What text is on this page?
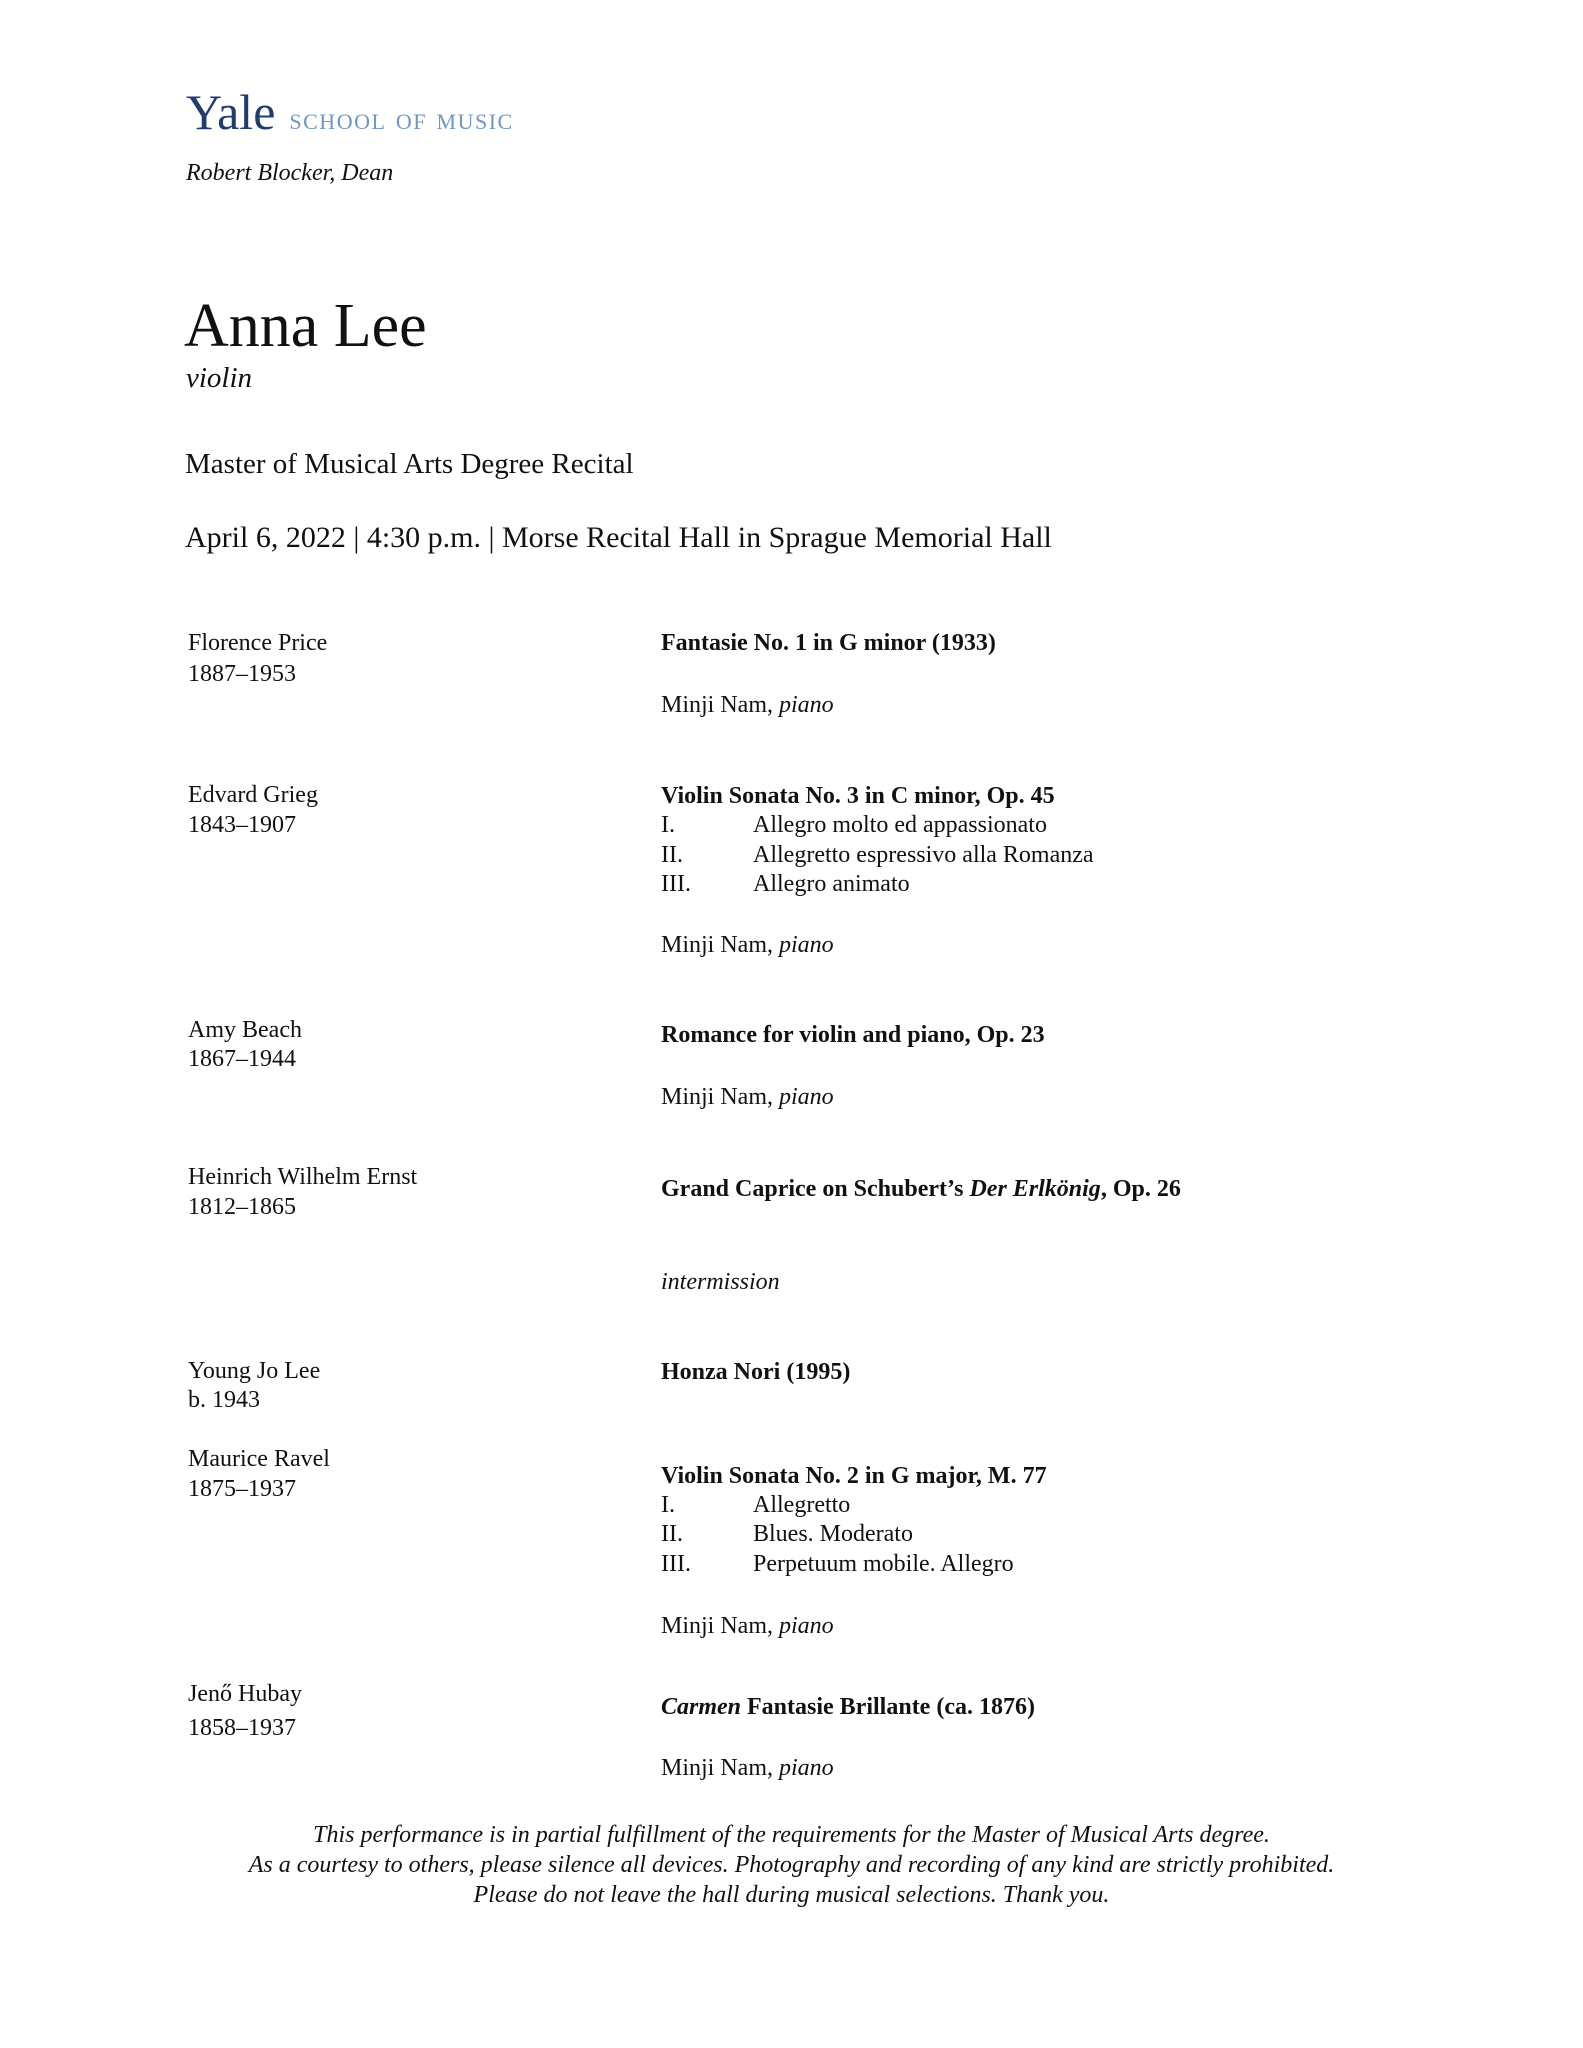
Yale school of music
Robert Blocker, Dean
Anna Lee
violin
Master of Musical Arts Degree Recital
April 6, 2022 | 4:30 p.m. | Morse Recital Hall in Sprague Memorial Hall
Florence Price
1887–1953
Fantasie No. 1 in G minor (1933)
Minji Nam, piano
Edvard Grieg
1843–1907
Violin Sonata No. 3 in C minor, Op. 45
I.	Allegro molto ed appassionato
II.	Allegretto espressivo alla Romanza
III.	Allegro animato
Minji Nam, piano
Amy Beach
1867–1944
Romance for violin and piano, Op. 23
Minji Nam, piano
Heinrich Wilhelm Ernst
1812–1865
Grand Caprice on Schubert’s Der Erlkönig, Op. 26
intermission
Young Jo Lee
b. 1943
Honza Nori (1995)
Maurice Ravel
1875–1937	Violin Sonata No. 2 in G major, M. 77
I.	Allegretto
II.	Blues. Moderato
III.	Perpetuum mobile. Allegro
Minji Nam, piano
Jenő Hubay
1858–1937
Carmen Fantasie Brillante (ca. 1876)
Minji Nam, piano
This performance is in partial fulfillment of the requirements for the Master of Musical Arts degree.
As a courtesy to others, please silence all devices. Photography and recording of any kind are strictly prohibited.
Please do not leave the hall during musical selections. Thank you.
